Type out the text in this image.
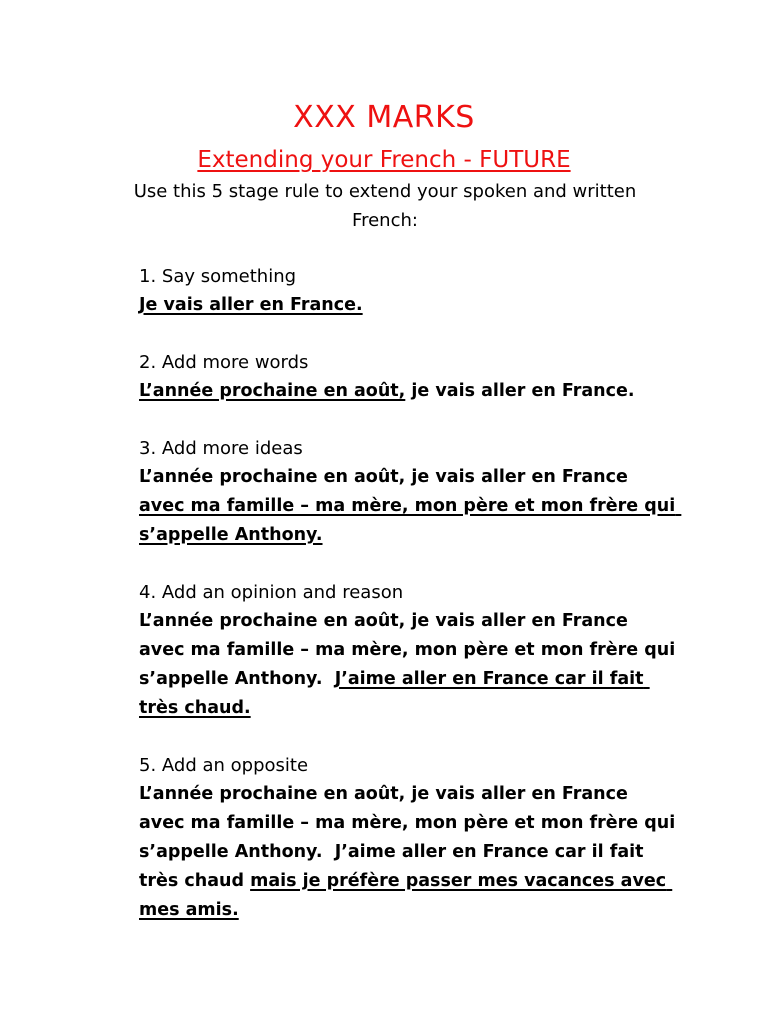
XXX MARKS
Extending your French - FUTURE
Use this 5 stage rule to extend your spoken and written French:
1. Say something
Je vais aller en France.
2. Add more words
L’année prochaine en août, je vais aller en France.
3. Add more ideas
L’année prochaine en août, je vais aller en France avec ma famille – ma mère, mon père et mon frère qui s’appelle Anthony.
4. Add an opinion and reason
L’année prochaine en août, je vais aller en France avec ma famille – ma mère, mon père et mon frère qui s’appelle Anthony.  J’aime aller en France car il fait très chaud.
5. Add an opposite
L’année prochaine en août, je vais aller en France avec ma famille – ma mère, mon père et mon frère qui s’appelle Anthony.  J’aime aller en France car il fait très chaud mais je préfère passer mes vacances avec mes amis.
